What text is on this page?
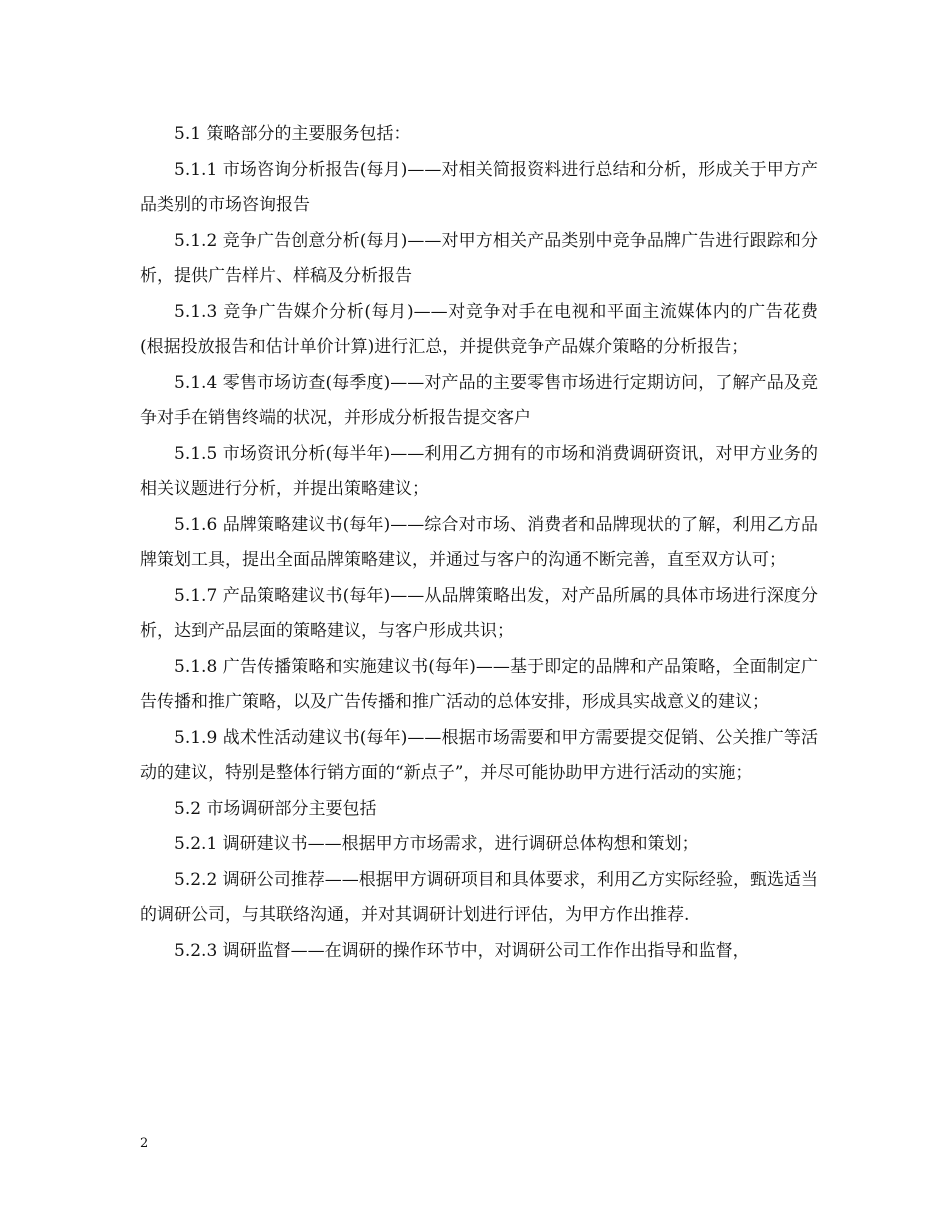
5.1 策略部分的主要服务包括：

5.1.1 市场咨询分析报告(每月)——对相关简报资料进行总结和分析，形成关于甲方产品类别的市场咨询报告

5.1.2 竞争广告创意分析(每月)——对甲方相关产品类别中竞争品牌广告进行跟踪和分析，提供广告样片、样稿及分析报告

5.1.3 竞争广告媒介分析(每月)——对竞争对手在电视和平面主流媒体内的广告花费(根据投放报告和估计单价计算)进行汇总，并提供竞争产品媒介策略的分析报告；

5.1.4 零售市场访查(每季度)——对产品的主要零售市场进行定期访问，了解产品及竞争对手在销售终端的状况，并形成分析报告提交客户

5.1.5 市场资讯分析(每半年)——利用乙方拥有的市场和消费调研资讯，对甲方业务的相关议题进行分析，并提出策略建议；

5.1.6 品牌策略建议书(每年)——综合对市场、消费者和品牌现状的了解，利用乙方品牌策划工具，提出全面品牌策略建议，并通过与客户的沟通不断完善，直至双方认可；

5.1.7 产品策略建议书(每年)——从品牌策略出发，对产品所属的具体市场进行深度分析，达到产品层面的策略建议，与客户形成共识；

5.1.8 广告传播策略和实施建议书(每年)——基于即定的品牌和产品策略，全面制定广告传播和推广策略，以及广告传播和推广活动的总体安排，形成具实战意义的建议；

5.1.9 战术性活动建议书(每年)——根据市场需要和甲方需要提交促销、公关推广等活动的建议，特别是整体行销方面的“新点子”，并尽可能协助甲方进行活动的实施；

5.2 市场调研部分主要包括

5.2.1 调研建议书——根据甲方市场需求，进行调研总体构想和策划；

5.2.2 调研公司推荐——根据甲方调研项目和具体要求，利用乙方实际经验，甄选适当的调研公司，与其联络沟通，并对其调研计划进行评估，为甲方作出推荐.

5.2.3 调研监督——在调研的操作环节中，对调研公司工作作出指导和监督，

2
